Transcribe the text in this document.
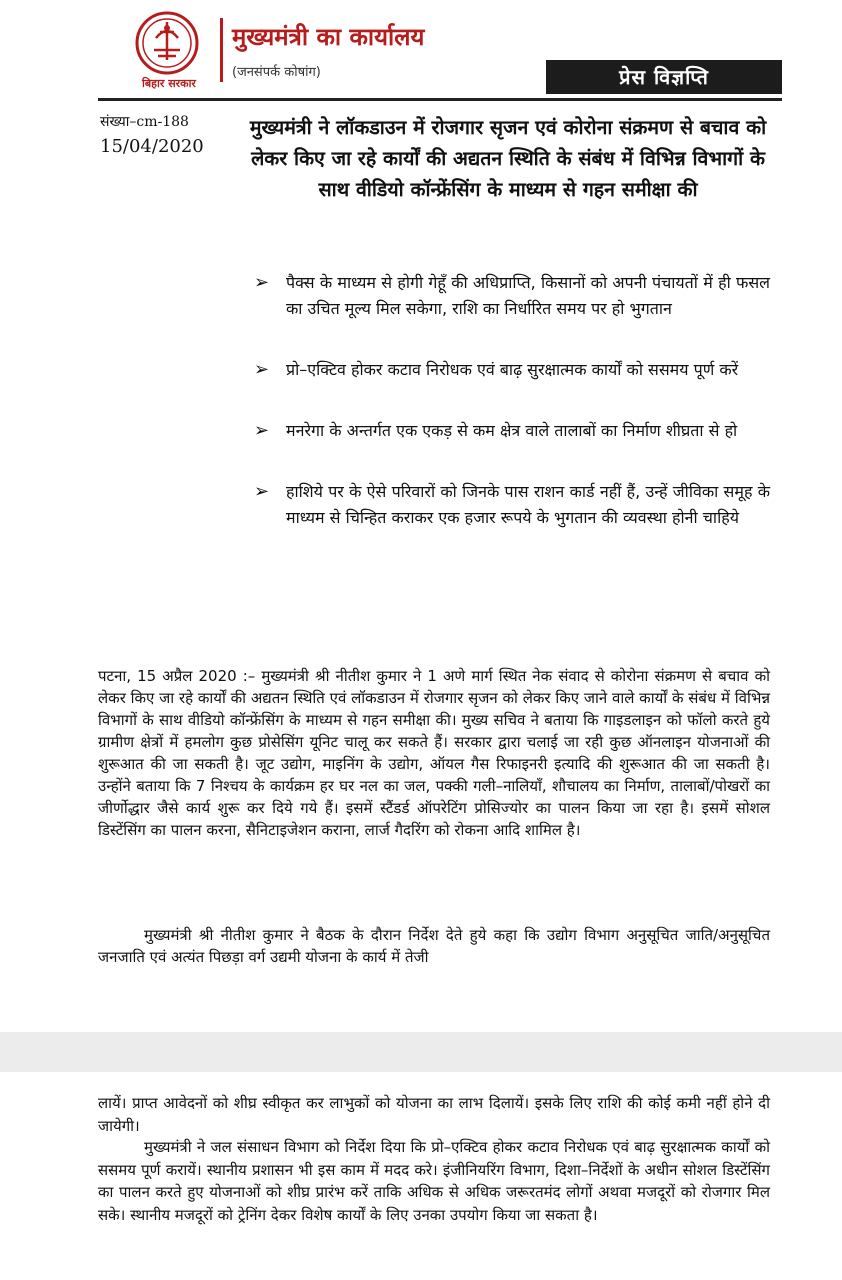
बिहार सरकार
मुख्यमंत्री का कार्यालय
(जनसंपर्क कोषांग)	प्रेस विज्ञप्ति
संख्या–cm-188
15/04/2020
मुख्यमंत्री ने लॉकडाउन में रोजगार सृजन एवं कोरोना संक्रमण से बचाव को लेकर किए जा रहे कार्यों की अद्यतन स्थिति के संबंध में विभिन्न विभागों के साथ वीडियो कॉन्फ्रेंसिंग के माध्यम से गहन समीक्षा की
➢ पैक्स के माध्यम से होगी गेहूँ की अधिप्राप्ति, किसानों को अपनी पंचायतों में ही फसल का उचित मूल्य मिल सकेगा, राशि का निर्धारित समय पर हो भुगतान
➢ प्रो–एक्टिव होकर कटाव निरोधक एवं बाढ़ सुरक्षात्मक कार्यों को ससमय पूर्ण करें
➢ मनरेगा के अन्तर्गत एक एकड़ से कम क्षेत्र वाले तालाबों का निर्माण शीघ्रता से हो
➢ हाशिये पर के ऐसे परिवारों को जिनके पास राशन कार्ड नहीं हैं, उन्हें जीविका समूह के माध्यम से चिन्हित कराकर एक हजार रूपये के भुगतान की व्यवस्था होनी चाहिये
पटना, 15 अप्रैल 2020 :– मुख्यमंत्री श्री नीतीश कुमार ने 1 अणे मार्ग स्थित नेक संवाद से कोरोना संक्रमण से बचाव को लेकर किए जा रहे कार्यों की अद्यतन स्थिति एवं लॉकडाउन में रोजगार सृजन को लेकर किए जाने वाले कार्यों के संबंध में विभिन्न विभागों के साथ वीडियो कॉन्फ्रेंसिंग के माध्यम से गहन समीक्षा की। मुख्य सचिव ने बताया कि गाइडलाइन को फॉलो करते हुये ग्रामीण क्षेत्रों में हमलोग कुछ प्रोसेसिंग यूनिट चालू कर सकते हैं। सरकार द्वारा चलाई जा रही कुछ ऑनलाइन योजनाओं की शुरूआत की जा सकती है। जूट उद्योग, माइनिंग के उद्योग, ऑयल गैस रिफाइनरी इत्यादि की शुरूआत की जा सकती है। उन्होंने बताया कि 7 निश्चय के कार्यक्रम हर घर नल का जल, पक्की गली–नालियाँ, शौचालय का निर्माण, तालाबों/पोखरों का जीर्णोद्धार जैसे कार्य शुरू कर दिये गये हैं। इसमें स्टैंडर्ड ऑपरेटिंग प्रोसिज्योर का पालन किया जा रहा है। इसमें सोशल डिस्टेंसिंग का पालन करना, सैनिटाइजेशन कराना, लार्ज गैदरिंग को रोकना आदि शामिल है।
मुख्यमंत्री श्री नीतीश कुमार ने बैठक के दौरान निर्देश देते हुये कहा कि उद्योग विभाग अनुसूचित जाति/अनुसूचित जनजाति एवं अत्यंत पिछड़ा वर्ग उद्यमी योजना के कार्य में तेजी
लायें। प्राप्त आवेदनों को शीघ्र स्वीकृत कर लाभुकों को योजना का लाभ दिलायें। इसके लिए राशि की कोई कमी नहीं होने दी जायेगी।
मुख्यमंत्री ने जल संसाधन विभाग को निर्देश दिया कि प्रो–एक्टिव होकर कटाव निरोधक एवं बाढ़ सुरक्षात्मक कार्यों को ससमय पूर्ण करायें। स्थानीय प्रशासन भी इस काम में मदद करे। इंजीनियरिंग विभाग, दिशा–निर्देशों के अधीन सोशल डिस्टेंसिंग का पालन करते हुए योजनाओं को शीघ्र प्रारंभ करें ताकि अधिक से अधिक जरूरतमंद लोगों अथवा मजदूरों को रोजगार मिल सके। स्थानीय मजदूरों को ट्रेनिंग देकर विशेष कार्यों के लिए उनका उपयोग किया जा सकता है।
